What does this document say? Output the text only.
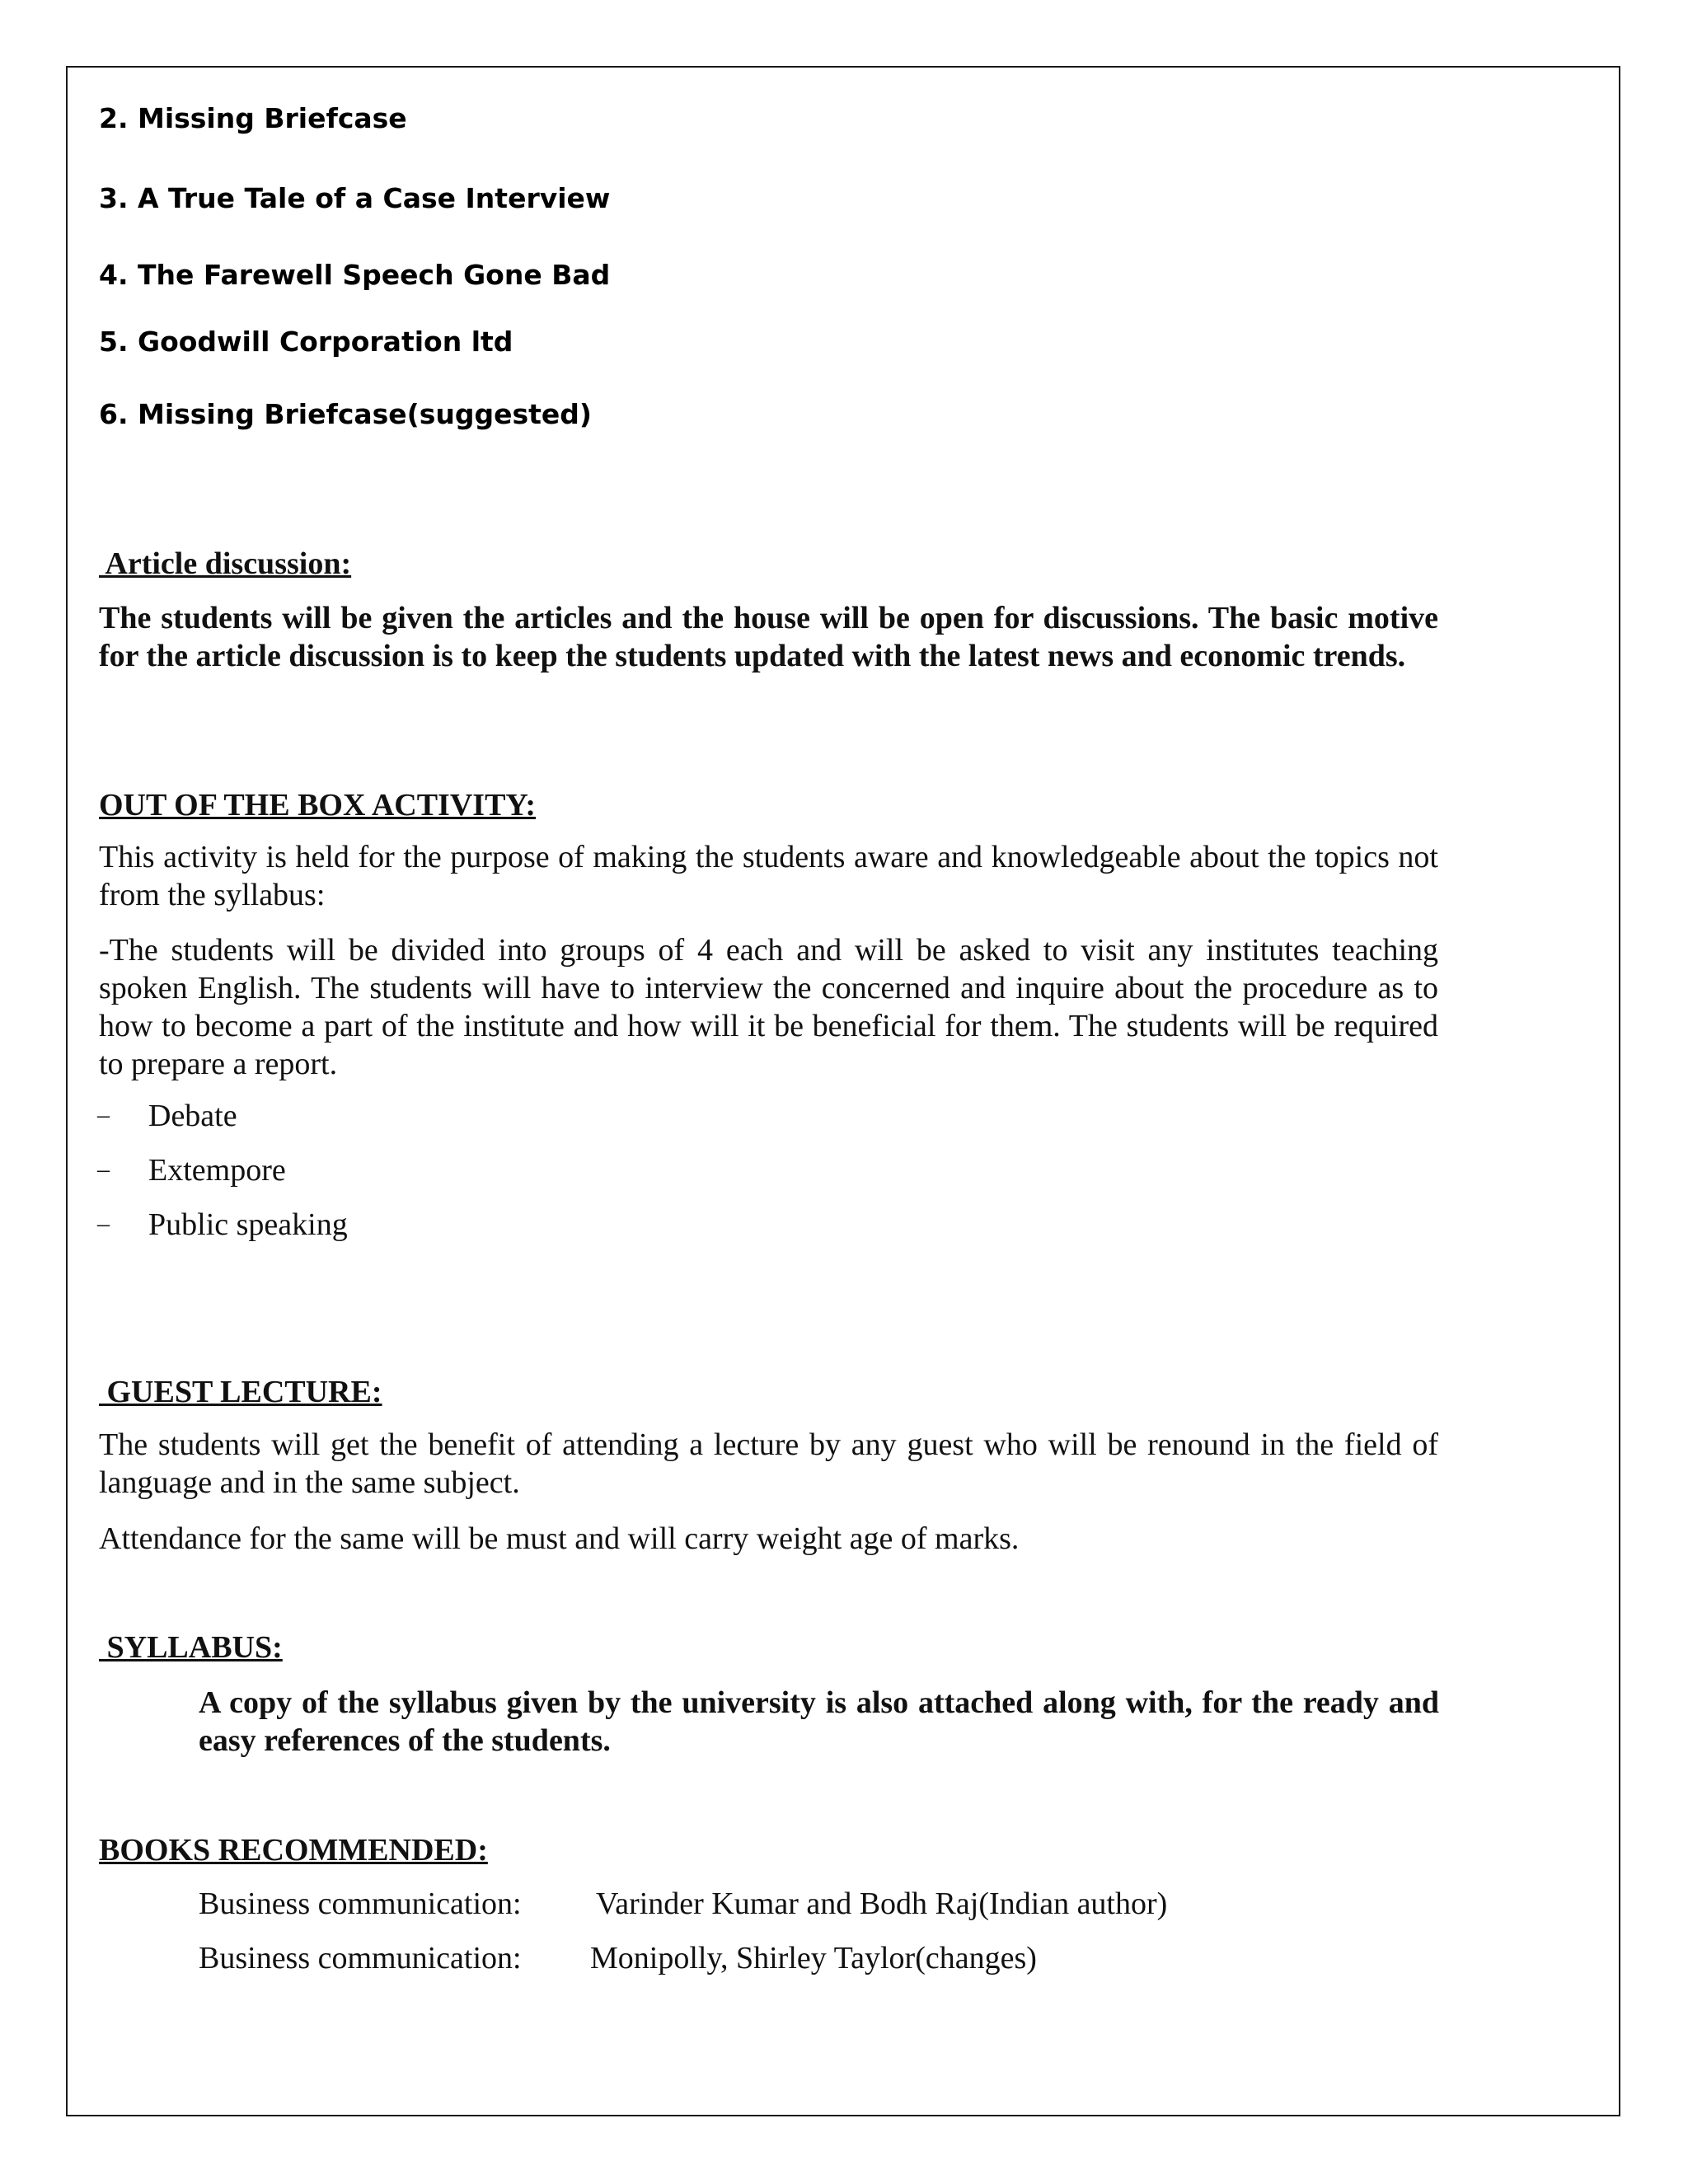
2. Missing Briefcase
3. A True Tale of a Case Interview
4. The Farewell Speech Gone Bad
5. Goodwill Corporation ltd
6. Missing Briefcase(suggested)
Article discussion:
The students will be given the articles and the house will be open for discussions. The basic motive for the article discussion is to keep the students updated with the latest news and economic trends.
OUT OF THE BOX ACTIVITY:
This activity is held for the purpose of making the students aware and knowledgeable about the topics not from the syllabus:
-The students will be divided into groups of 4 each and will be asked to visit any institutes teaching spoken English. The students will have to interview the concerned and inquire about the procedure as to how to become a part of the institute and how will it be beneficial for them. The students will be required to prepare a report.
– Debate
– Extempore
– Public speaking
GUEST LECTURE:
The students will get the benefit of attending a lecture by any guest who will be renound in the field of language and in the same subject.
Attendance for the same will be must and will carry weight age of marks.
SYLLABUS:
A copy of the syllabus given by the university is also attached along with, for the ready and easy references of the students.
BOOKS RECOMMENDED:
Business communication: Varinder Kumar and Bodh Raj(Indian author)
Business communication: Monipolly, Shirley Taylor(changes)
